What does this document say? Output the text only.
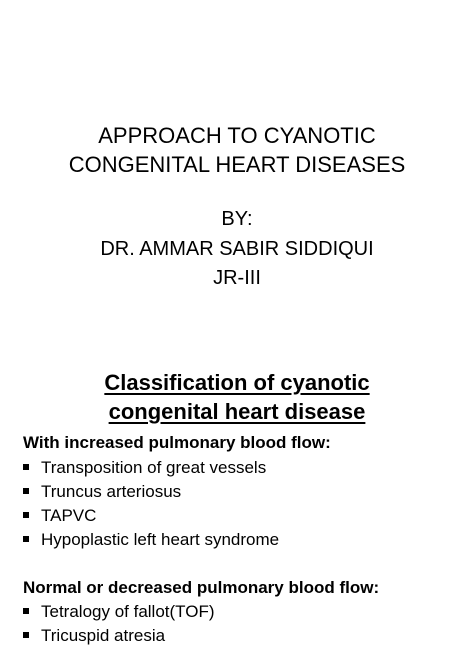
APPROACH TO CYANOTIC
CONGENITAL HEART DISEASES
BY:
DR. AMMAR SABIR SIDDIQUI
JR-III
Classification of cyanotic
congenital heart disease
With increased pulmonary blood flow:
Transposition of great vessels
Truncus arteriosus
TAPVC
Hypoplastic left heart syndrome
Normal or decreased pulmonary blood flow:
Tetralogy of fallot(TOF)
Tricuspid atresia
